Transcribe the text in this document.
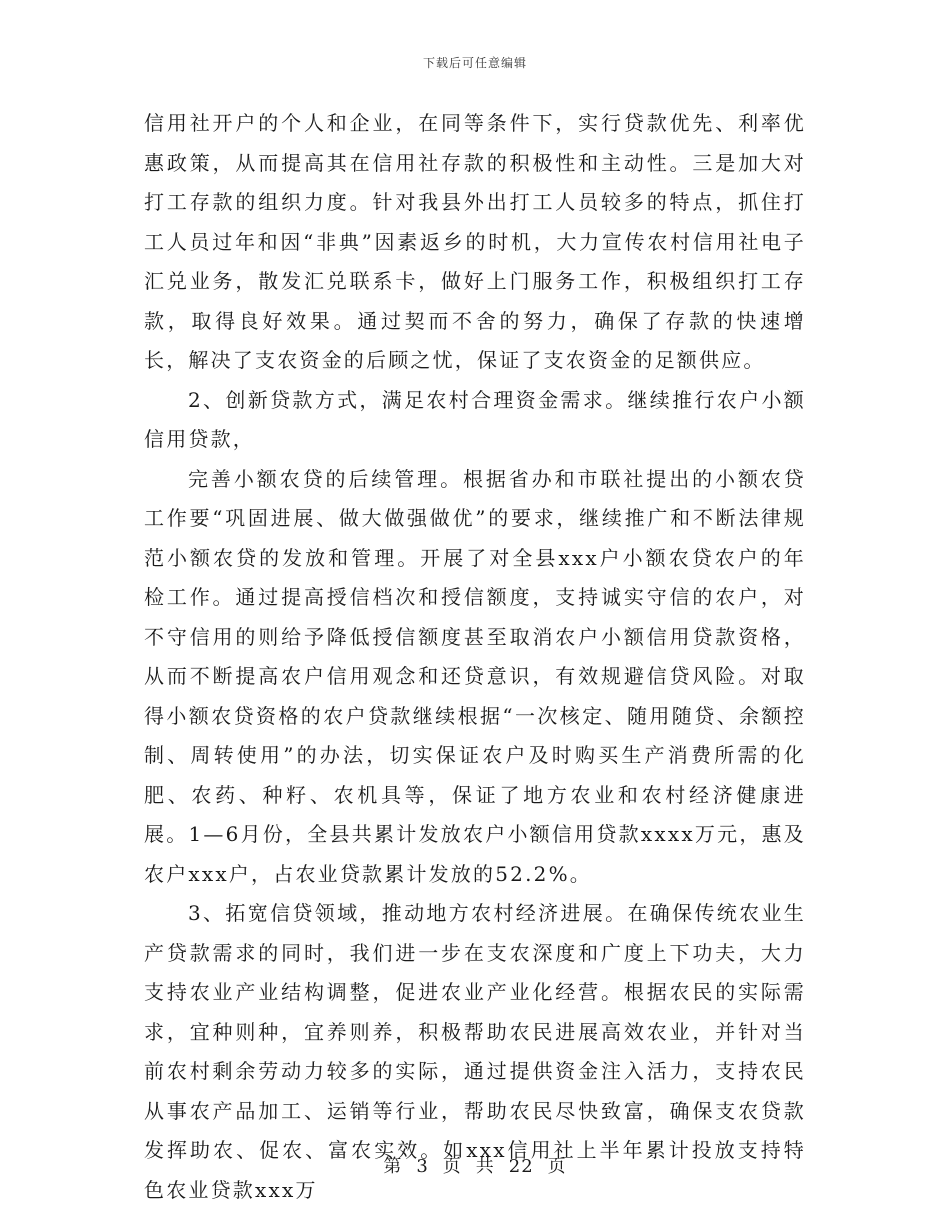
下载后可任意编辑

信用社开户的个人和企业，在同等条件下，实行贷款优先、利率优惠政策，从而提高其在信用社存款的积极性和主动性。三是加大对打工存款的组织力度。针对我县外出打工人员较多的特点，抓住打工人员过年和因“非典”因素返乡的时机，大力宣传农村信用社电子汇兑业务，散发汇兑联系卡，做好上门服务工作，积极组织打工存款，取得良好效果。通过契而不舍的努力，确保了存款的快速增长，解决了支农资金的后顾之忧，保证了支农资金的足额供应。

2、创新贷款方式，满足农村合理资金需求。继续推行农户小额信用贷款，

完善小额农贷的后续管理。根据省办和市联社提出的小额农贷工作要“巩固进展、做大做强做优”的要求，继续推广和不断法律规范小额农贷的发放和管理。开展了对全县xxx户小额农贷农户的年检工作。通过提高授信档次和授信额度，支持诚实守信的农户，对不守信用的则给予降低授信额度甚至取消农户小额信用贷款资格，从而不断提高农户信用观念和还贷意识，有效规避信贷风险。对取得小额农贷资格的农户贷款继续根据“一次核定、随用随贷、余额控制、周转使用”的办法，切实保证农户及时购买生产消费所需的化肥、农药、种籽、农机具等，保证了地方农业和农村经济健康进展。1—6月份，全县共累计发放农户小额信用贷款xxxx万元，惠及农户xxx户，占农业贷款累计发放的52.2%。

3、拓宽信贷领域，推动地方农村经济进展。在确保传统农业生产贷款需求的同时，我们进一步在支农深度和广度上下功夫，大力支持农业产业结构调整，促进农业产业化经营。根据农民的实际需求，宜种则种，宜养则养，积极帮助农民进展高效农业，并针对当前农村剩余劳动力较多的实际，通过提供资金注入活力，支持农民从事农产品加工、运销等行业，帮助农民尽快致富，确保支农贷款发挥助农、促农、富农实效。如xxx信用社上半年累计投放支持特色农业贷款xxx万

第 3 页 共 22 页
